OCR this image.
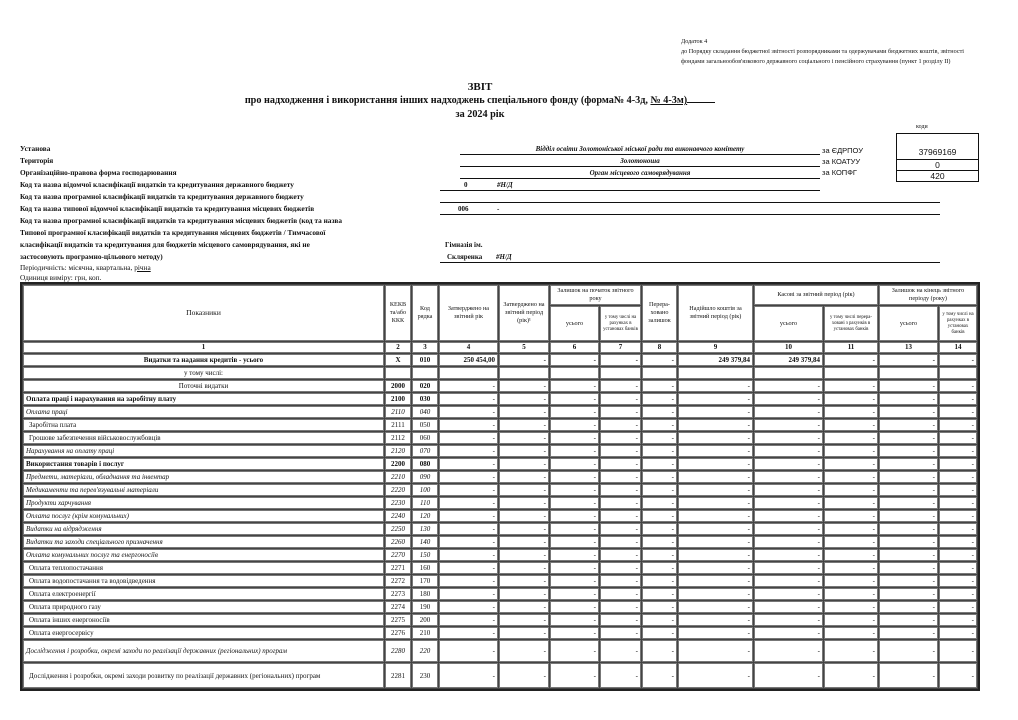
Додаток 4
до Порядку складання бюджетної звітності розпорядниками та одержувачами бюджетних коштів, звітності фондами загальнообов'язкового державного соціального і пенсійного страхування (пункт 1 розділу II)
ЗВІТ
про надходження і використання інших надходжень спеціального фонду (форма№ 4-3д, № 4-3м)
за 2024 рік
коди
за ЄДРПОУ
за КОАТУУ
за КОПФГ
37969169
0
420
Установа	Відділ освіти Золотоніської міської ради та виконавчого комітету
Територія	Золотоноша
Організаційно-правова форма господарювання	Орган місцевого самоврядування
Код та назва відомчої класифікації видатків та кредитування державного бюджету	0	#Н/Д
Код та назва програмної класифікації видатків та кредитування державного бюджету
Код та назва типової відомчої класифікації видатків та кредитування місцевих бюджетів	006	-
Код та назва програмної класифікації видатків та кредитування місцевих бюджетів (код та назва
Типової програмної класифікації видатків та кредитування місцевих бюджетів / Тимчасової
класифікації видатків та кредитування для бюджетів місцевого самоврядування, які не
застосовують програмно-цільового методу)
Гімназія ім.
Скляренка #Н/Д
Періодичність: місячна, квартальна, річна
Одиниця виміру: грн, коп.
Показники	КЕКВ та/або ККК	Код рядка	Затверджено на звітний рік	Затверджено на звітний період (рік)¹	Залишок на початок звітного року		Перера-ховано залишок	Надійшло коштів за звітний період (рік)	Касові за звітний період (рік)		Залишок на кінець звітного періоду (року)	
					усього	у тому числі на рахунках в установах банків			усього	у тому числі перера-ховані з рахунків в установах банків	усього	у тому числі на рахунках в установах банків
1	2	3	4	5	6	7	8	9	10	11	13	14
Видатки та надання кредитів - усього	X	010	250 454,00	-	-	-	-	249 379,84	249 379,84	-	-	-
у тому числі:												
Поточні видатки	2000	020	-	-	-	-	-	-	-	-	-	-
Оплата праці і нарахування на заробітну плату	2100	030	-	-	-	-	-	-	-	-	-	-
Оплата праці	2110	040	-	-	-	-	-	-	-	-	-	-
Заробітна плата	2111	050	-	-	-	-	-	-	-	-	-	-
Грошове забезпечення військовослужбовців	2112	060	-	-	-	-	-	-	-	-	-	-
Нарахування на оплату праці	2120	070	-	-	-	-	-	-	-	-	-	-
Використання товарів і послуг	2200	080	-	-	-	-	-	-	-	-	-	-
Предмети, матеріали, обладнання та інвентар	2210	090	-	-	-	-	-	-	-	-	-	-
Медикаменти та перев'язувальні матеріали	2220	100	-	-	-	-	-	-	-	-	-	-
Продукти харчування	2230	110	-	-	-	-	-	-	-	-	-	-
Оплата послуг (крім комунальних)	2240	120	-	-	-	-	-	-	-	-	-	-
Видатки на відрядження	2250	130	-	-	-	-	-	-	-	-	-	-
Видатки та заходи спеціального призначення	2260	140	-	-	-	-	-	-	-	-	-	-
Оплата комунальних послуг та енергоносіїв	2270	150	-	-	-	-	-	-	-	-	-	-
Оплата теплопостачання	2271	160	-	-	-	-	-	-	-	-	-	-
Оплата водопостачання та водовідведення	2272	170	-	-	-	-	-	-	-	-	-	-
Оплата електроенергії	2273	180	-	-	-	-	-	-	-	-	-	-
Оплата природного газу	2274	190	-	-	-	-	-	-	-	-	-	-
Оплата інших енергоносіїв	2275	200	-	-	-	-	-	-	-	-	-	-
Оплата енергосервісу	2276	210	-	-	-	-	-	-	-	-	-	-
Дослідження і розробки, окремі заходи по реалізації державних (регіональних) програм	2280	220	-	-	-	-	-	-	-	-	-	-
Дослідження і розробки, окремі заходи розвитку по реалізації державних (регіональних) програм	2281	230	-	-	-	-	-	-	-	-	-	-
